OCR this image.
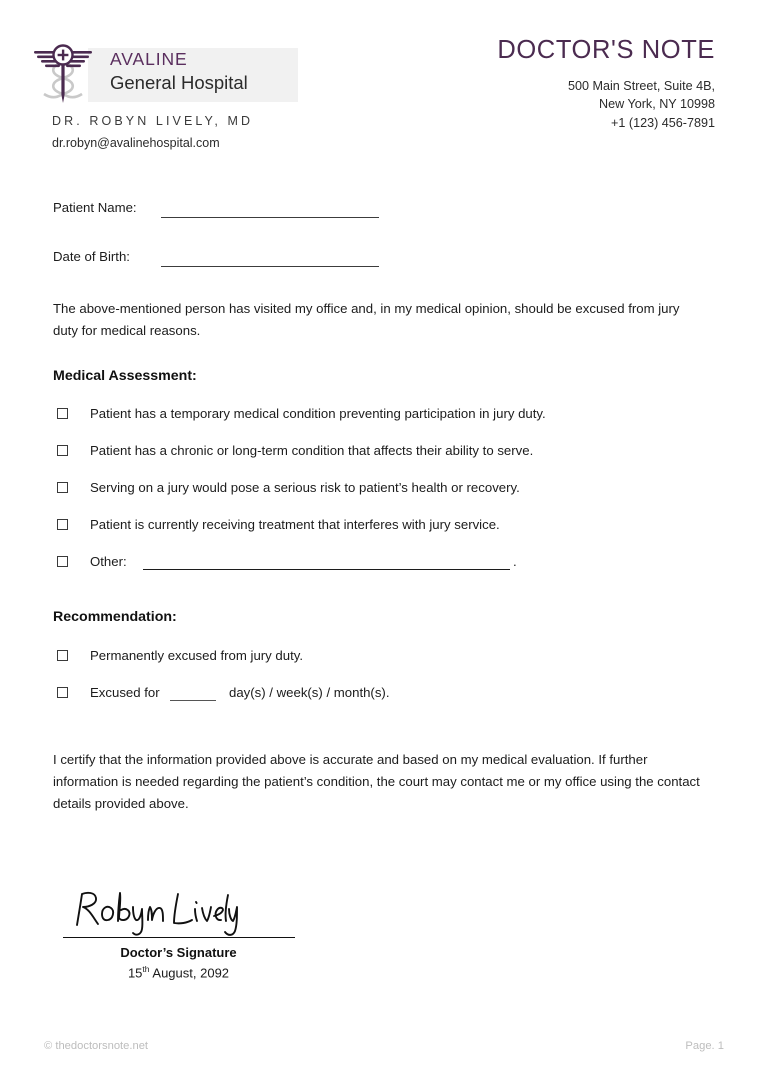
AVALINE
General Hospital
DR. ROBYN LIVELY, MD
dr.robyn@avalinehospital.com
DOCTOR'S NOTE
500 Main Street, Suite 4B,
New York, NY 10998
+1 (123) 456-7891
Patient Name:
Date of Birth:
The above-mentioned person has visited my office and, in my medical opinion, should be excused from jury duty for medical reasons.
Medical Assessment:
Patient has a temporary medical condition preventing participation in jury duty.
Patient has a chronic or long-term condition that affects their ability to serve.
Serving on a jury would pose a serious risk to patient’s health or recovery.
Patient is currently receiving treatment that interferes with jury service.
Other:	.
Recommendation:
Permanently excused from jury duty.
Excused for	day(s) / week(s) / month(s).
I certify that the information provided above is accurate and based on my medical evaluation. If further information is needed regarding the patient’s condition, the court may contact me or my office using the contact details provided above.
Doctor’s Signature
15th August, 2092
© thedoctorsnote.net	Page. 1
